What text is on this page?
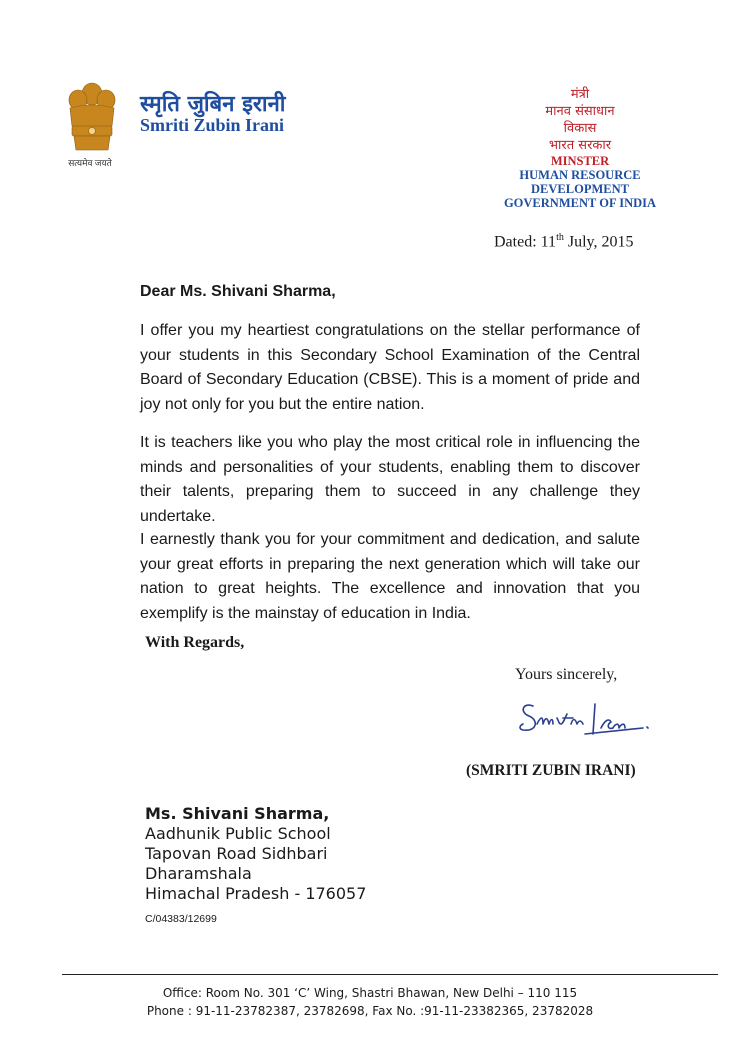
सत्यमेव जयते
स्मृति जुबिन इरानी
Smriti Zubin Irani
मंत्री
मानव संसाधान
विकास
भारत सरकार
MINSTER
HUMAN RESOURCE DEVELOPMENT
GOVERNMENT OF INDIA
Dated: 11th July, 2015
Dear Ms. Shivani Sharma,
I offer you my heartiest congratulations on the stellar performance of your students in this Secondary School Examination of the Central Board of Secondary Education (CBSE). This is a moment of pride and joy not only for you but the entire nation.
It is teachers like you who play the most critical role in influencing the minds and personalities of your students, enabling them to discover their talents, preparing them to succeed in any challenge they undertake.
I earnestly thank you for your commitment and dedication, and salute your great efforts in preparing the next generation which will take our nation to great heights. The excellence and innovation that you exemplify is the mainstay of education in India.
With Regards,
Yours sincerely,
(SMRITI ZUBIN IRANI)
Ms. Shivani Sharma,
Aadhunik Public School
Tapovan Road Sidhbari
Dharamshala
Himachal Pradesh - 176057
C/04383/12699
Office: Room No. 301 ‘C’ Wing, Shastri Bhawan, New Delhi – 110 115
Phone : 91-11-23782387, 23782698, Fax No. :91-11-23382365, 23782028
